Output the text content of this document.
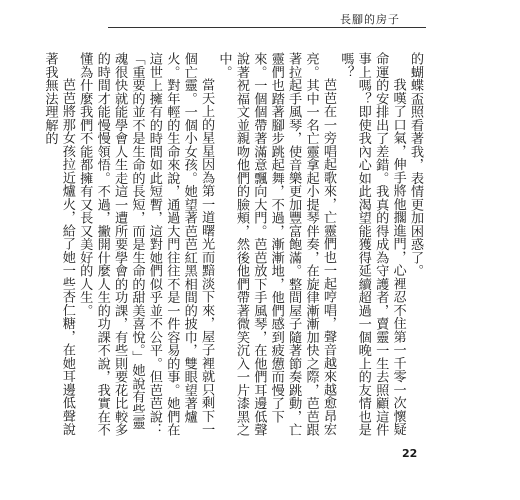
長腳的房子

的蝴蝶盃照看著我，表情更加困惑了。

我嘆了口氣，伸手將他擱進門，心裡忍不住第一千零一次懷疑命運的安排出了差錯。我真的得成為守護者，賣靈一生去照顧這件事上嗎？即使我內心如此渴望能獲得延續超過一個晚上的友情也是嗎？

芭芭在一旁唱起歌來，亡靈們也一起哼唱，聲音越來越愈昂宏亮。其中一名亡靈拿起小提琴伴奏，在旋律漸漸加快之際，芭芭跟著拉起手風琴，使音樂更加豐富飽滿。整間屋子隨著節奏跳動，亡靈們也踏著腳步跳起舞，不過，漸漸地，他們感到疲憊而慢了下來。一個個帶著滿意飄向大門。芭芭放下手風琴，在他們耳邊低聲說著祝福文並親吻他們的臉頰，然後他們帶著微笑沉入一片漆黑之中。

當天上的星星因為第一道曙光而黯淡下來，屋子裡就只剩下一個亡靈。一個小女孩。她望著芭芭紅黑相間的披巾，雙眼望著爐火。對年輕的生命來說，通過大門往往不是一件容易的事。她們在這世上擁有的時間如此短暫，這對她們似乎並不公平。但芭芭說：「重要的並不是生命的長短，而是生命的甜美喜悅。」她說有些靈魂很快就能學會人生走這一遭所要學會的功課，有些則要花比較多的時間才能慢慢領悟。不過，撇開什麼人生的功課不說，我實在不懂為什麼我們不能都擁有又長又美好的人生。

芭芭將那女孩拉近爐火，給了她一些杏仁糖，在她耳邊低聲說著我無法理解的

22
